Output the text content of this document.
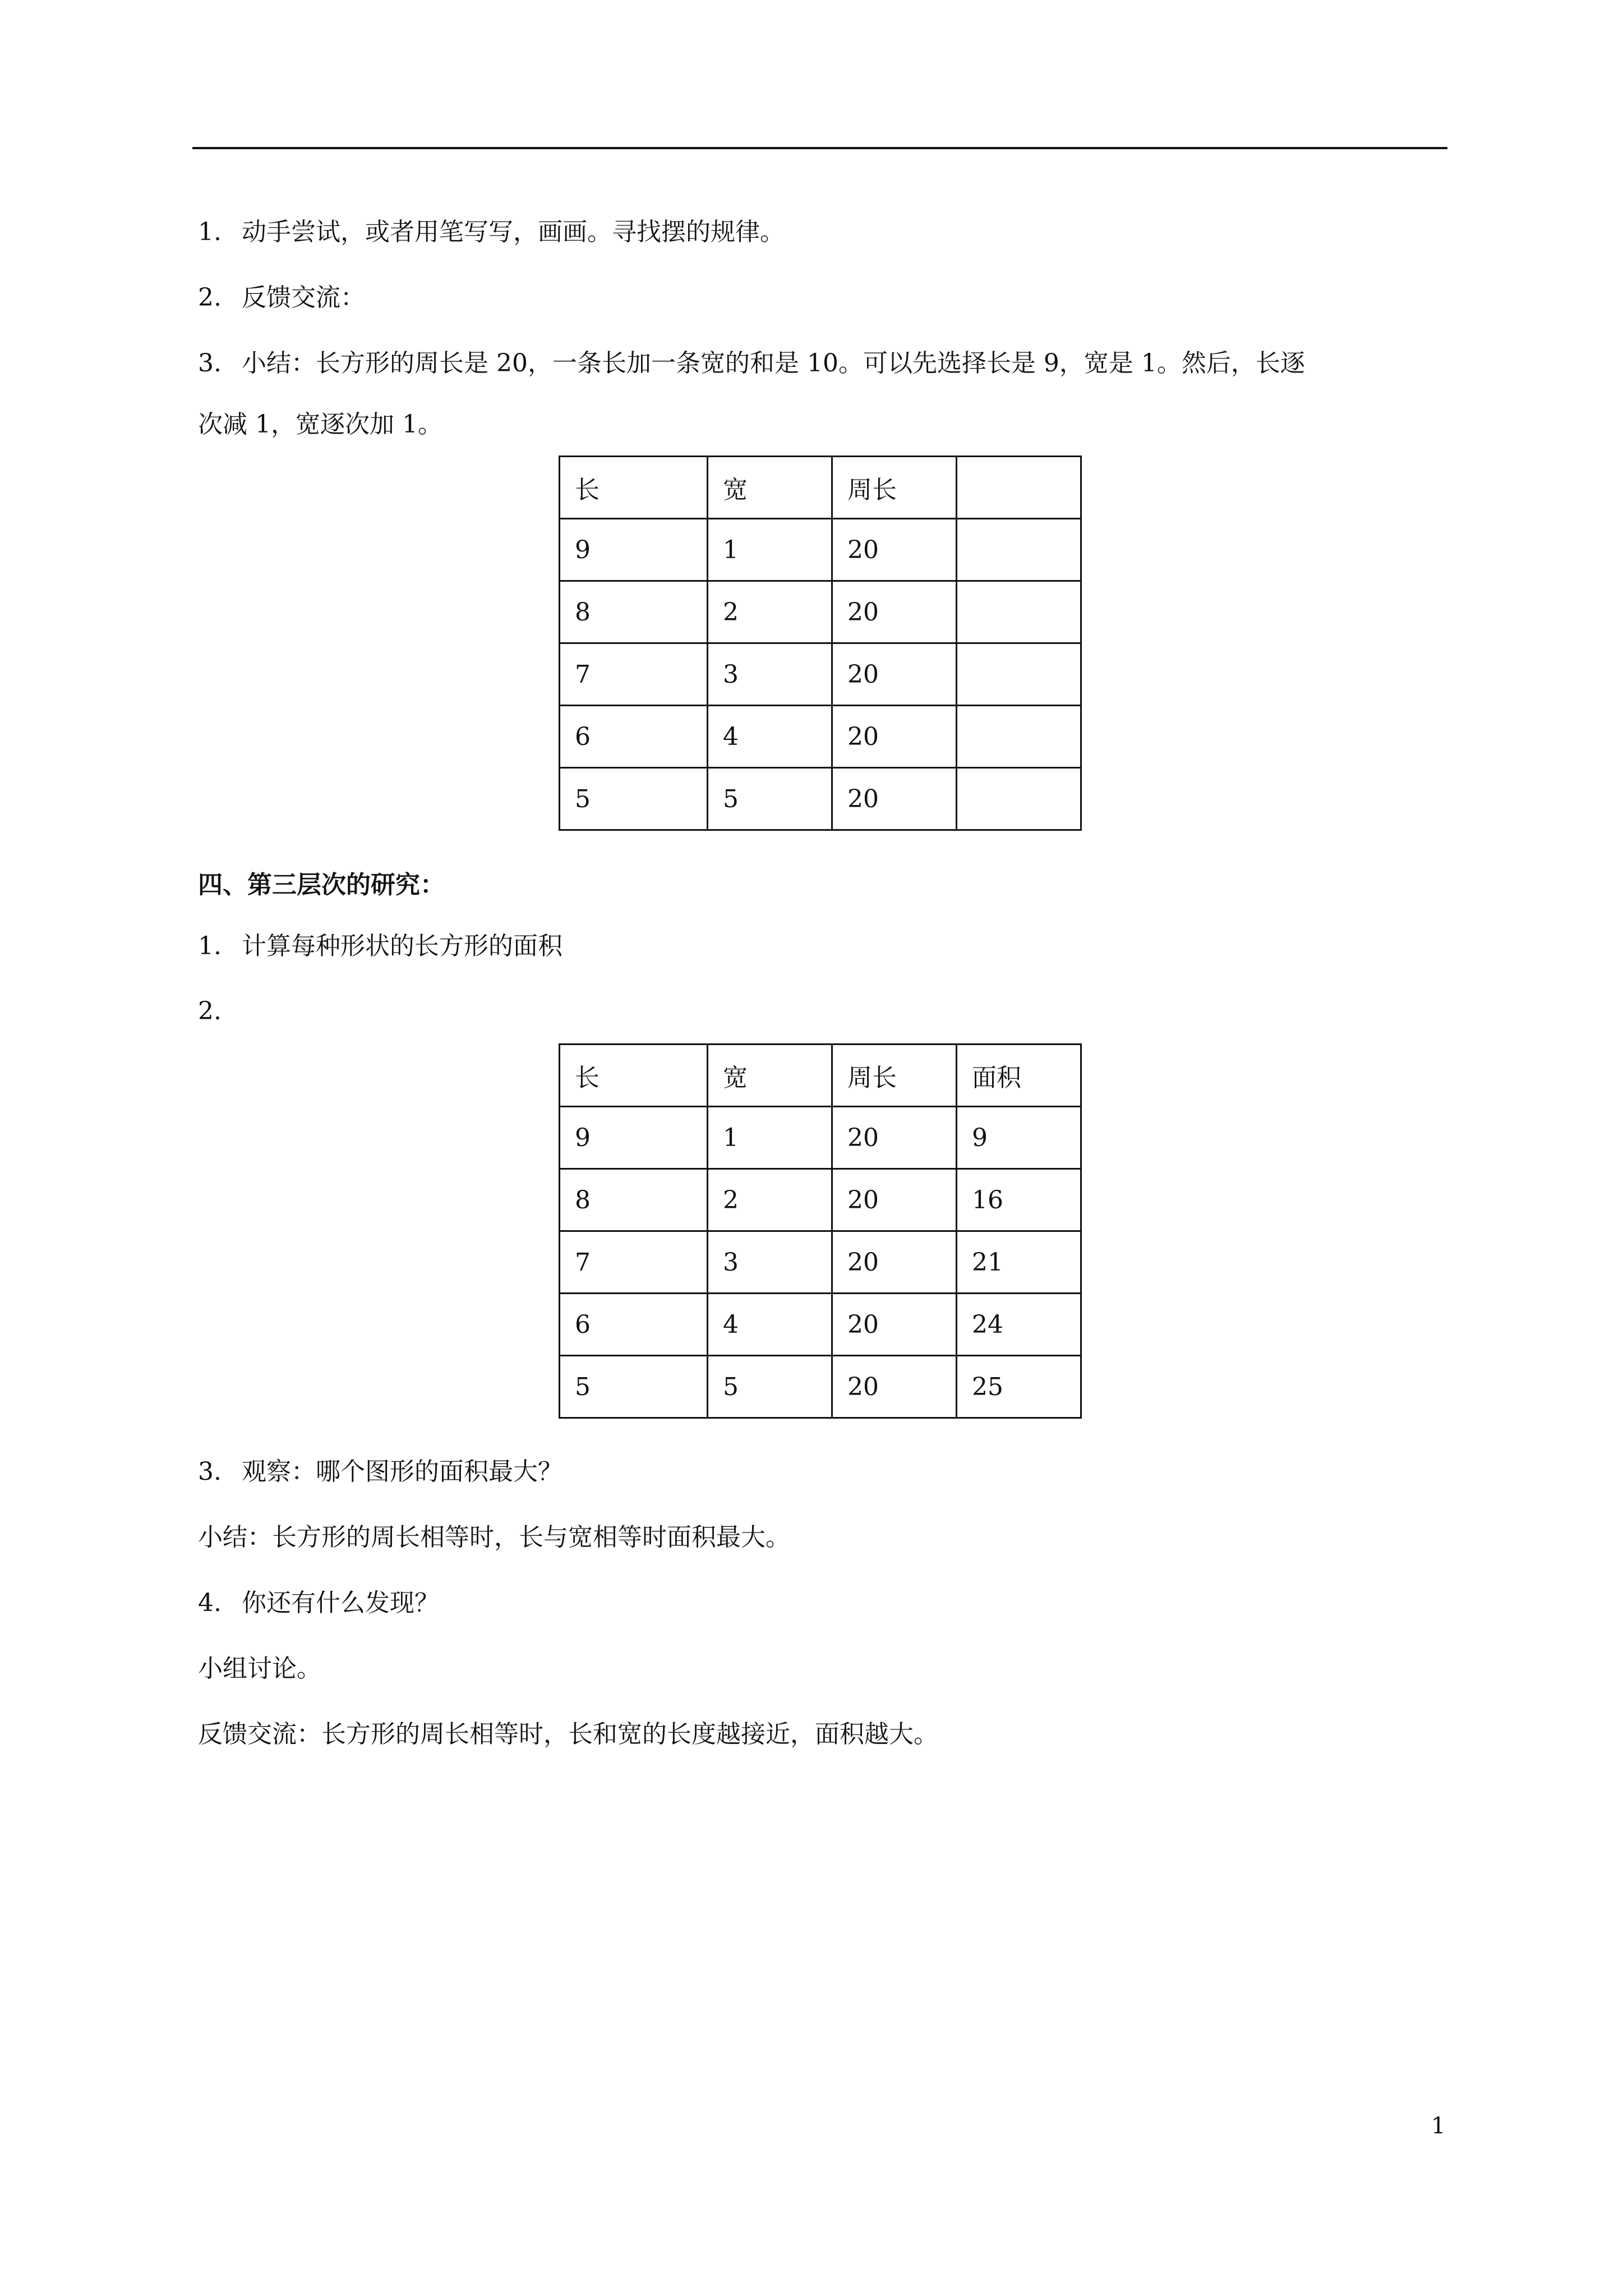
1. 动手尝试，或者用笔写写，画画。寻找摆的规律。
2. 反馈交流：
3. 小结：长方形的周长是 20，一条长加一条宽的和是 10。可以先选择长是 9，宽是 1。然后，长逐
次减 1，宽逐次加 1。
长	宽	周长	
9	1	20	
8	2	20	
7	3	20	
6	4	20	
5	5	20	
四、第三层次的研究：
1. 计算每种形状的长方形的面积
2.
长	宽	周长	面积
9	1	20	9
8	2	20	16
7	3	20	21
6	4	20	24
5	5	20	25
3. 观察：哪个图形的面积最大？
小结：长方形的周长相等时，长与宽相等时面积最大。
4. 你还有什么发现？
小组讨论。
反馈交流：长方形的周长相等时，长和宽的长度越接近，面积越大。
1
